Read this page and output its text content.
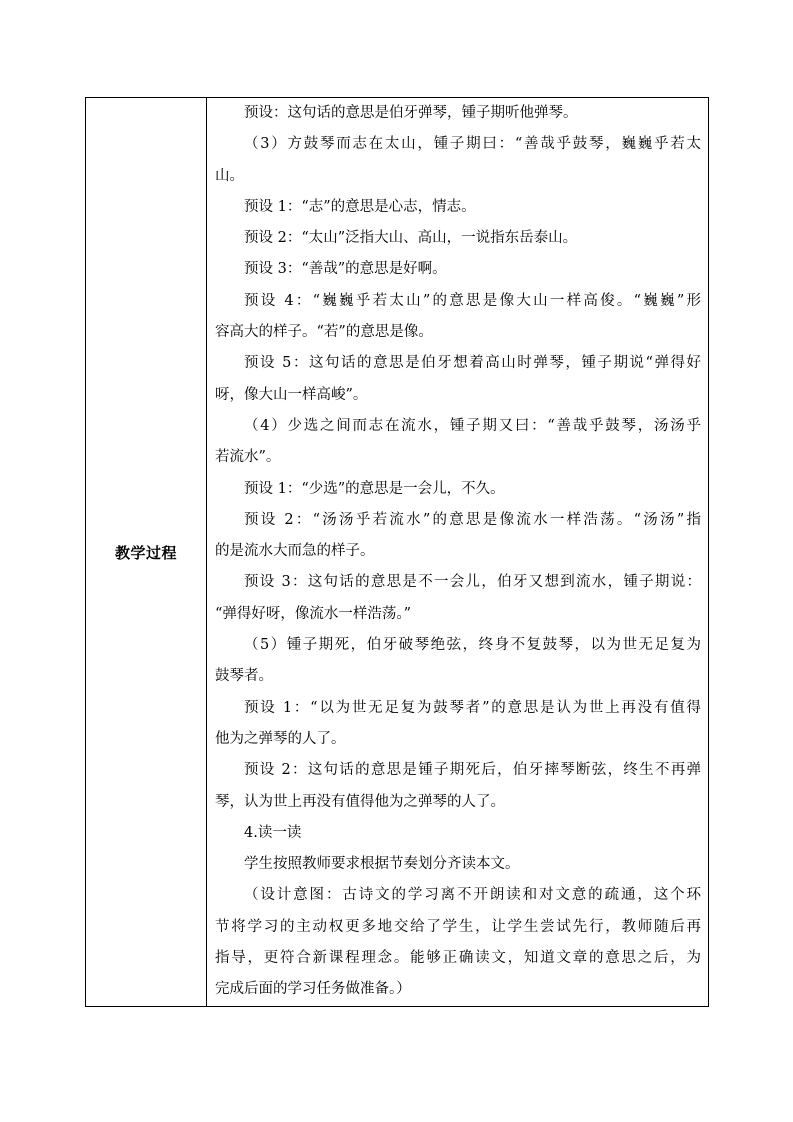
教学过程
预设：这句话的意思是伯牙弹琴，锺子期听他弹琴。
（3）方鼓琴而志在太山，锺子期曰：“善哉乎鼓琴，巍巍乎若太
山。
预设 1：“志”的意思是心志，情志。
预设 2：“太山”泛指大山、高山，一说指东岳泰山。
预设 3：“善哉”的意思是好啊。
预设 4：“巍巍乎若太山”的意思是像大山一样高俊。“巍巍”形
容高大的样子。“若”的意思是像。
预设 5：这句话的意思是伯牙想着高山时弹琴，锺子期说“弹得好
呀，像大山一样高峻”。
（4）少选之间而志在流水，锺子期又曰：“善哉乎鼓琴，汤汤乎
若流水”。
预设 1：“少选”的意思是一会儿，不久。
预设 2：“汤汤乎若流水”的意思是像流水一样浩荡。“汤汤”指
的是流水大而急的样子。
预设 3：这句话的意思是不一会儿，伯牙又想到流水，锺子期说：
“弹得好呀，像流水一样浩荡。”
（5）锺子期死，伯牙破琴绝弦，终身不复鼓琴，以为世无足复为
鼓琴者。
预设 1：“以为世无足复为鼓琴者”的意思是认为世上再没有值得
他为之弹琴的人了。
预设 2：这句话的意思是锺子期死后，伯牙摔琴断弦，终生不再弹
琴，认为世上再没有值得他为之弹琴的人了。
4.读一读
学生按照教师要求根据节奏划分齐读本文。
（设计意图：古诗文的学习离不开朗读和对文意的疏通，这个环
节将学习的主动权更多地交给了学生，让学生尝试先行，教师随后再
指导，更符合新课程理念。能够正确读文，知道文章的意思之后，为
完成后面的学习任务做准备。）
